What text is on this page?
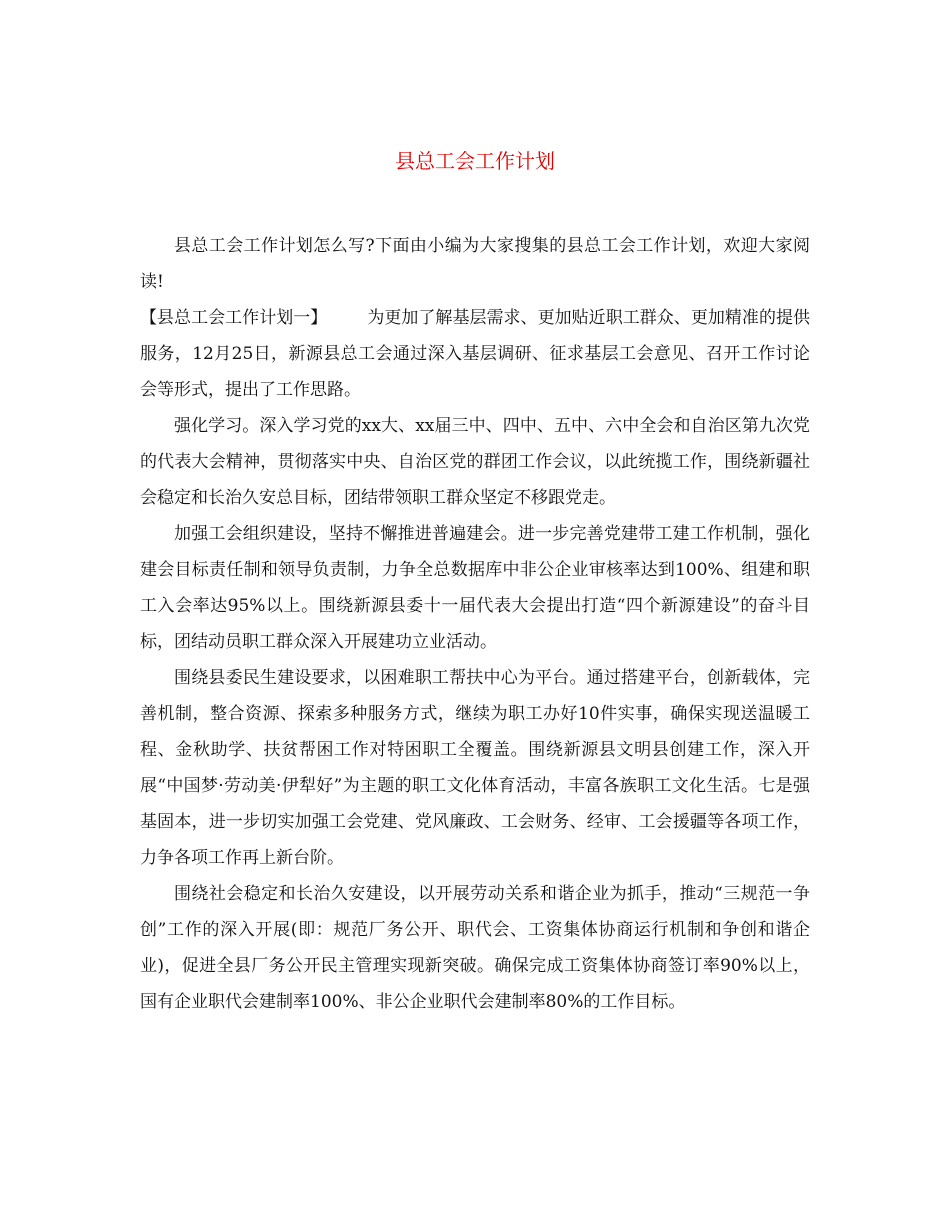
县总工会工作计划

县总工会工作计划怎么写?下面由小编为大家搜集的县总工会工作计划，欢迎大家阅读!

【县总工会工作计划一】 为更加了解基层需求、更加贴近职工群众、更加精准的提供服务，12月25日，新源县总工会通过深入基层调研、征求基层工会意见、召开工作讨论会等形式，提出了工作思路。

强化学习。深入学习党的xx大、xx届三中、四中、五中、六中全会和自治区第九次党的代表大会精神，贯彻落实中央、自治区党的群团工作会议，以此统揽工作，围绕新疆社会稳定和长治久安总目标，团结带领职工群众坚定不移跟党走。

加强工会组织建设，坚持不懈推进普遍建会。进一步完善党建带工建工作机制，强化建会目标责任制和领导负责制，力争全总数据库中非公企业审核率达到100%、组建和职工入会率达95%以上。围绕新源县委十一届代表大会提出打造“四个新源建设”的奋斗目标，团结动员职工群众深入开展建功立业活动。

围绕县委民生建设要求，以困难职工帮扶中心为平台。通过搭建平台，创新载体，完善机制，整合资源、探索多种服务方式，继续为职工办好10件实事，确保实现送温暖工程、金秋助学、扶贫帮困工作对特困职工全覆盖。围绕新源县文明县创建工作，深入开展“中国梦·劳动美·伊犁好”为主题的职工文化体育活动，丰富各族职工文化生活。七是强基固本，进一步切实加强工会党建、党风廉政、工会财务、经审、工会援疆等各项工作，力争各项工作再上新台阶。

围绕社会稳定和长治久安建设，以开展劳动关系和谐企业为抓手，推动“三规范一争创”工作的深入开展(即：规范厂务公开、职代会、工资集体协商运行机制和争创和谐企业)，促进全县厂务公开民主管理实现新突破。确保完成工资集体协商签订率90%以上，国有企业职代会建制率100%、非公企业职代会建制率80%的工作目标。
